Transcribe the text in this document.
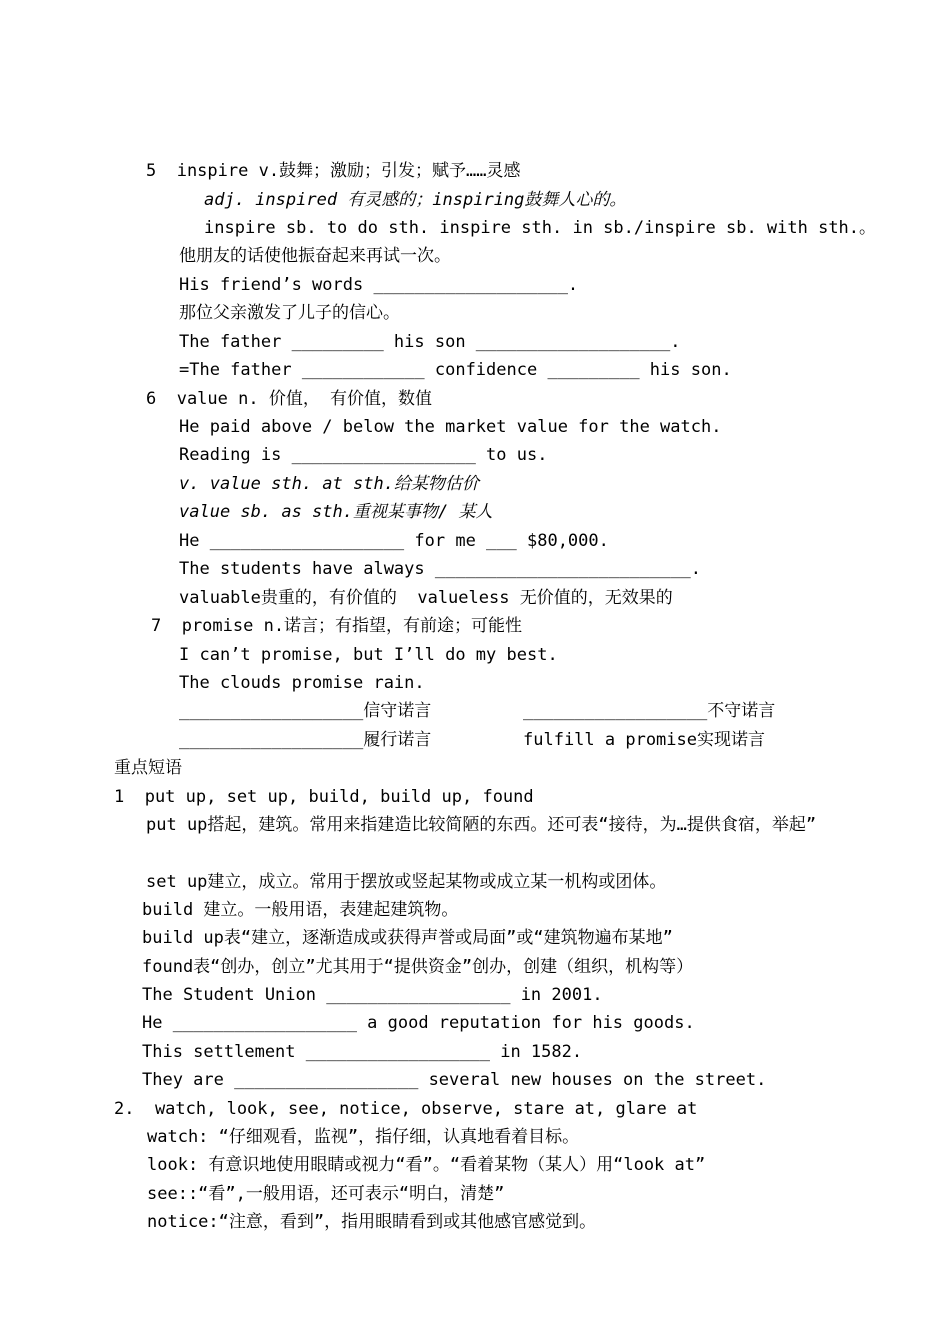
5  inspire v.鼓舞；激励；引发；赋予……灵感
adj. inspired 有灵感的；inspiring鼓舞人心的。
inspire sb. to do sth. inspire sth. in sb./inspire sb. with sth.。
他朋友的话使他振奋起来再试一次。
His friend’s words ___________________.
那位父亲激发了儿子的信心。
The father _________ his son ___________________.
=The father ____________ confidence _________ his son.
6  value n. 价值， 有价值，数值
He paid above / below the market value for the watch.
Reading is __________________ to us.
v. value sth. at sth.给某物估价
value sb. as sth.重视某事物/ 某人
He ___________________ for me ___ $80,000.
The students have always _________________________.
valuable贵重的，有价值的  valueless 无价值的，无效果的
7  promise n.诺言；有指望，有前途；可能性
I can’t promise, but I’ll do my best.
The clouds promise rain.
__________________信守诺言	__________________不守诺言
__________________履行诺言	fulfill a promise实现诺言
重点短语
1  put up, set up, build, build up, found
put up搭起，建筑。常用来指建造比较简陋的东西。还可表“接待，为…提供食宿，举起”
set up建立，成立。常用于摆放或竖起某物或成立某一机构或团体。
build 建立。一般用语，表建起建筑物。
build up表“建立，逐渐造成或获得声誉或局面”或“建筑物遍布某地”
found表“创办，创立”尤其用于“提供资金”创办，创建（组织，机构等）
The Student Union __________________ in 2001.
He __________________ a good reputation for his goods.
This settlement __________________ in 1582.
They are __________________ several new houses on the street.
2.  watch, look, see, notice, observe, stare at, glare at
watch: “仔细观看，监视”，指仔细，认真地看着目标。
look: 有意识地使用眼睛或视力“看”。“看着某物（某人）用“look at”
see::“看”,一般用语，还可表示“明白，清楚”
notice:“注意，看到”，指用眼睛看到或其他感官感觉到。
